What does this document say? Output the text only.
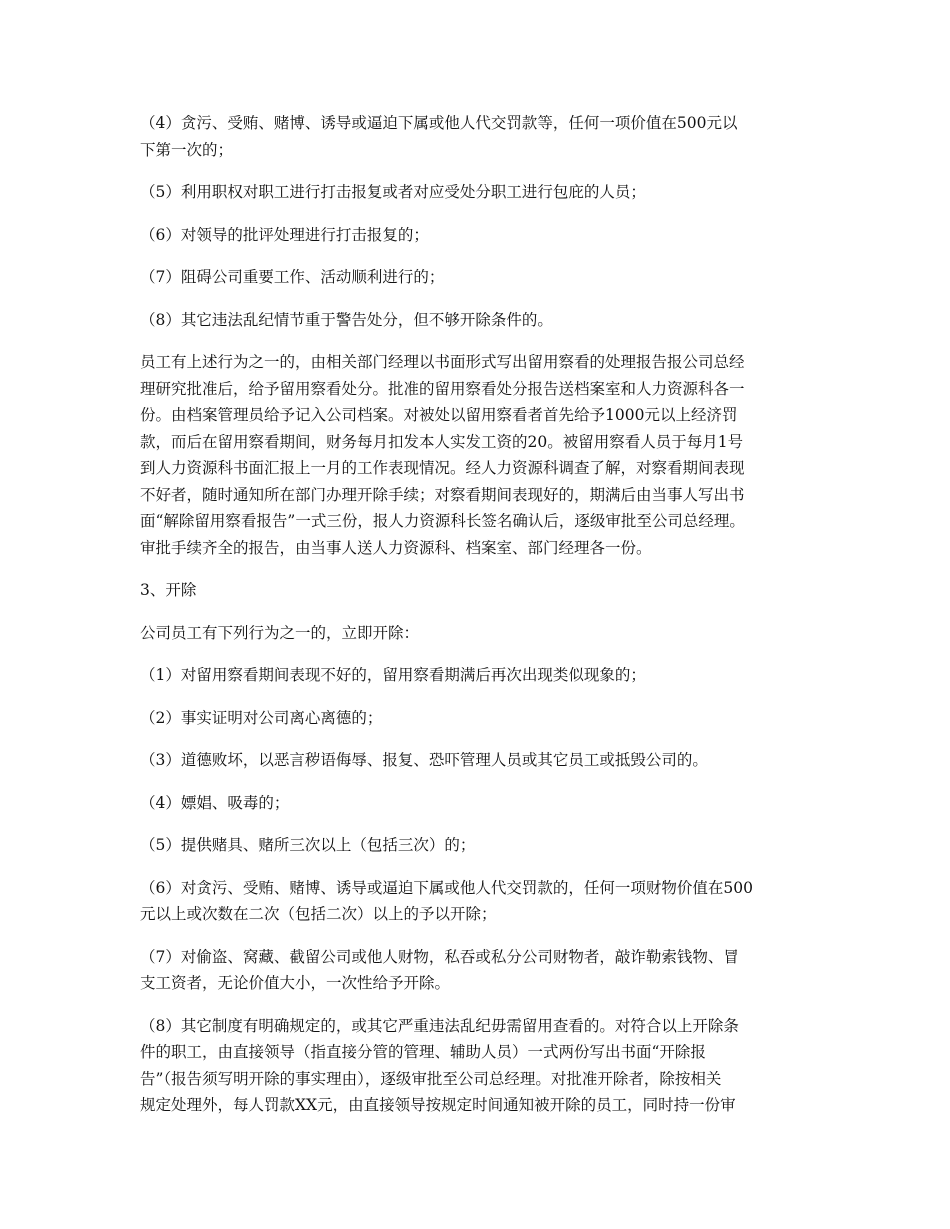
（4）贪污、受贿、赌博、诱导或逼迫下属或他人代交罚款等，任何一项价值在500元以
下第一次的；

（5）利用职权对职工进行打击报复或者对应受处分职工进行包庇的人员；

（6）对领导的批评处理进行打击报复的；

（7）阻碍公司重要工作、活动顺利进行的；

（8）其它违法乱纪情节重于警告处分，但不够开除条件的。

员工有上述行为之一的，由相关部门经理以书面形式写出留用察看的处理报告报公司总经
理研究批准后，给予留用察看处分。批准的留用察看处分报告送档案室和人力资源科各一
份。由档案管理员给予记入公司档案。对被处以留用察看者首先给予1000元以上经济罚
款，而后在留用察看期间，财务每月扣发本人实发工资的20。被留用察看人员于每月1号
到人力资源科书面汇报上一月的工作表现情况。经人力资源科调查了解，对察看期间表现
不好者，随时通知所在部门办理开除手续；对察看期间表现好的，期满后由当事人写出书
面“解除留用察看报告”一式三份，报人力资源科长签名确认后，逐级审批至公司总经理。
审批手续齐全的报告，由当事人送人力资源科、档案室、部门经理各一份。

3、开除

公司员工有下列行为之一的，立即开除：

（1）对留用察看期间表现不好的，留用察看期满后再次出现类似现象的；

（2）事实证明对公司离心离德的；

（3）道德败坏，以恶言秽语侮辱、报复、恐吓管理人员或其它员工或抵毁公司的。

（4）嫖娼、吸毒的；

（5）提供赌具、赌所三次以上（包括三次）的；

（6）对贪污、受贿、赌博、诱导或逼迫下属或他人代交罚款的，任何一项财物价值在500
元以上或次数在二次（包括二次）以上的予以开除；

（7）对偷盗、窝藏、截留公司或他人财物，私吞或私分公司财物者，敲诈勒索钱物、冒
支工资者，无论价值大小，一次性给予开除。

（8）其它制度有明确规定的，或其它严重违法乱纪毋需留用查看的。对符合以上开除条
件的职工，由直接领导（指直接分管的管理、辅助人员）一式两份写出书面“开除报
告”（报告须写明开除的事实理由），逐级审批至公司总经理。对批准开除者，除按相关
规定处理外，每人罚款XX元，由直接领导按规定时间通知被开除的员工，同时持一份审
